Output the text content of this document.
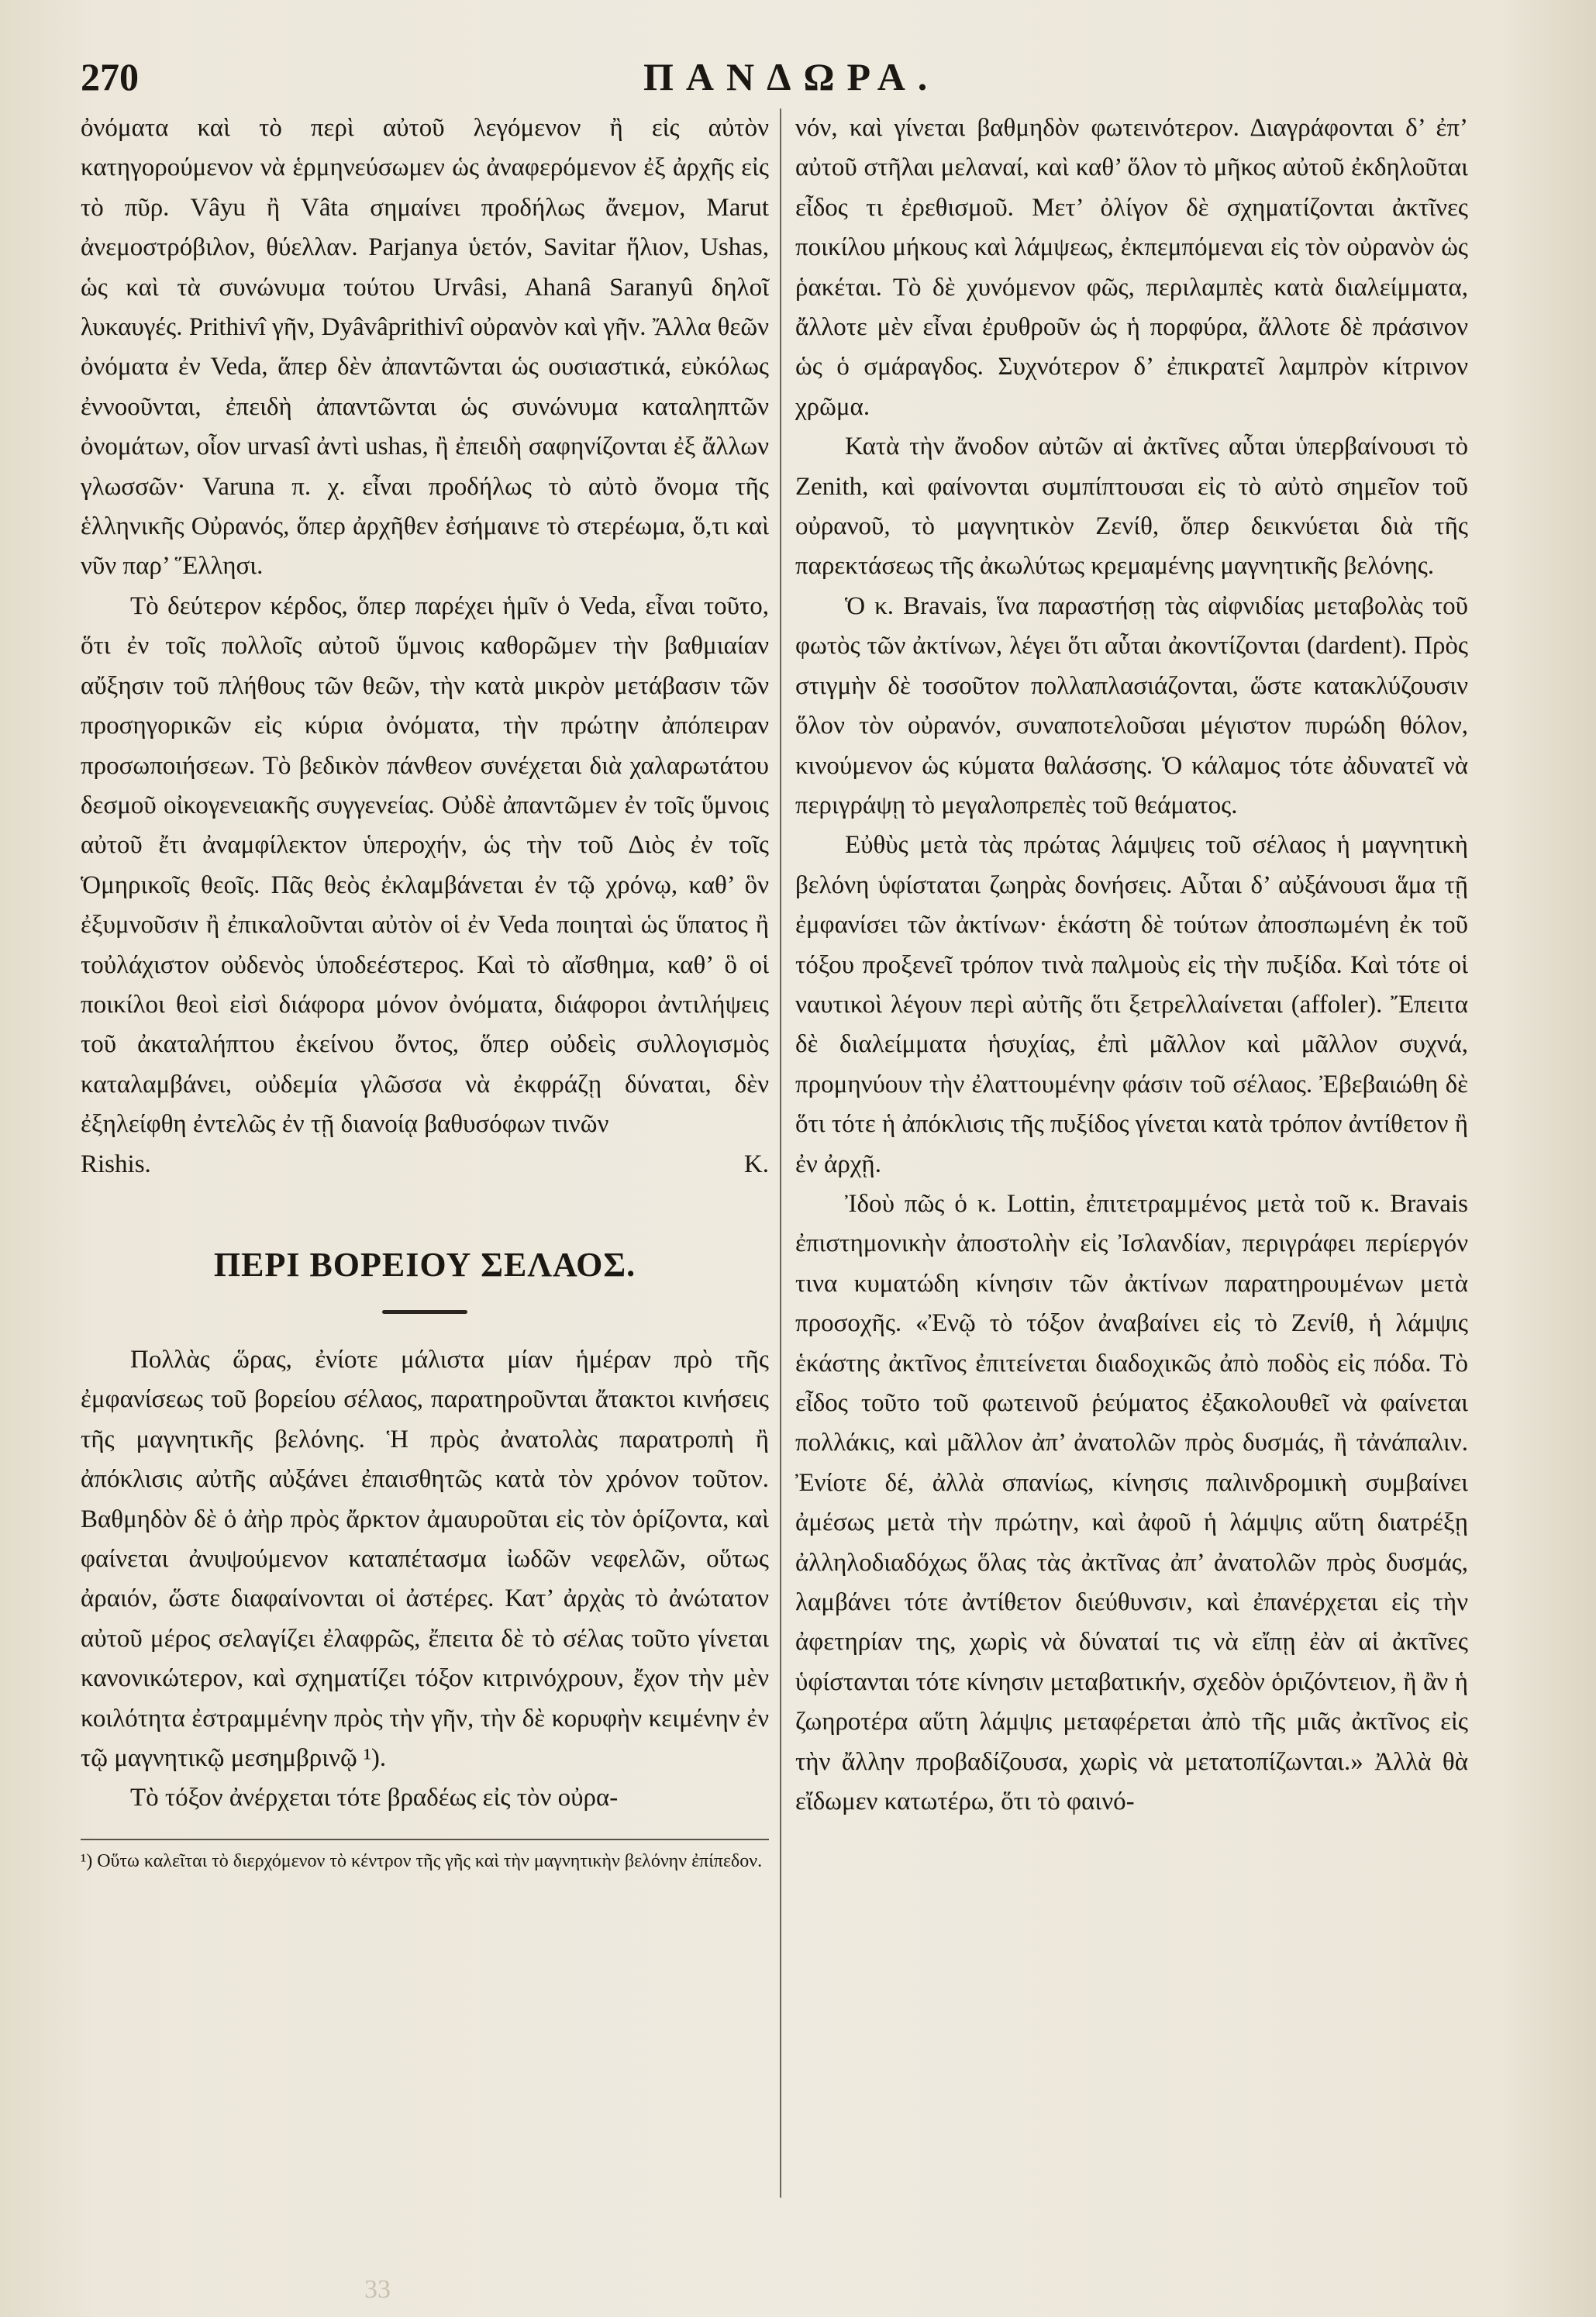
270	ΠΑΝΔΩΡΑ.

ὀνόματα καὶ τὸ περὶ αὐτοῦ λεγόμενον ἢ εἰς αὐτὸν κατηγορούμενον νὰ ἑρμηνεύσωμεν ὡς ἀναφερόμενον ἐξ ἀρχῆς εἰς τὸ πῦρ. Vâyu ἢ Vâta σημαίνει προδήλως ἄνεμον, Marut ἀνεμοστρόβιλον, θύελλαν. Parjanya ὑετόν, Savitar ἥλιον, Ushas, ὡς καὶ τὰ συνώνυμα τούτου Urvâsi, Ahanâ Saranyû δηλοῖ λυκαυγές. Prithivî γῆν, Dyâvâprithivî οὐρανὸν καὶ γῆν. Ἄλλα θεῶν ὀνόματα ἐν Veda, ἅπερ δὲν ἀπαντῶνται ὡς ουσιαστικά, εὐκόλως ἐννοοῦνται, ἐπειδὴ ἀπαντῶνται ὡς συνώνυμα καταληπτῶν ὀνομάτων, οἷον urvasî ἀντὶ ushas, ἢ ἐπειδὴ σαφηνίζονται ἐξ ἄλλων γλωσσῶν· Varuna π. χ. εἶναι προδήλως τὸ αὐτὸ ὄνομα τῆς ἑλληνικῆς Οὐρανός, ὅπερ ἀρχῆθεν ἐσήμαινε τὸ στερέωμα, ὅ,τι καὶ νῦν παρ’ Ἕλλησι.

Τὸ δεύτερον κέρδος, ὅπερ παρέχει ἡμῖν ὁ Veda, εἶναι τοῦτο, ὅτι ἐν τοῖς πολλοῖς αὐτοῦ ὕμνοις καθορῶμεν τὴν βαθμιαίαν αὔξησιν τοῦ πλήθους τῶν θεῶν, τὴν κατὰ μικρὸν μετάβασιν τῶν προσηγορικῶν εἰς κύρια ὀνόματα, τὴν πρώτην ἀπόπειραν προσωποιήσεων. Τὸ βεδικὸν πάνθεον συνέχεται διὰ χαλαρωτάτου δεσμοῦ οἰκογενειακῆς συγγενείας. Οὐδὲ ἀπαντῶμεν ἐν τοῖς ὕμνοις αὐτοῦ ἔτι ἀναμφίλεκτον ὑπεροχήν, ὡς τὴν τοῦ Διὸς ἐν τοῖς Ὁμηρικοῖς θεοῖς. Πᾶς θεὸς ἐκλαμβάνεται ἐν τῷ χρόνῳ, καθ’ ὃν ἐξυμνοῦσιν ἢ ἐπικαλοῦνται αὐτὸν οἱ ἐν Veda ποιηταὶ ὡς ὕπατος ἢ τοὐλάχιστον οὐδενὸς ὑποδεέστερος. Καὶ τὸ αἴσθημα, καθ’ ὃ οἱ ποικίλοι θεοὶ εἰσὶ διάφορα μόνον ὀνόματα, διάφοροι ἀντιλήψεις τοῦ ἀκαταλήπτου ἐκείνου ὄντος, ὅπερ οὐδεὶς συλλογισμὸς καταλαμβάνει, οὐδεμία γλῶσσα νὰ ἐκφράζῃ δύναται, δὲν ἐξηλείφθη ἐντελῶς ἐν τῇ διανοίᾳ βαθυσόφων τινῶν

Rishis.	Κ.
ΠΕΡΙ ΒΟΡΕΙΟΥ ΣΕΛΑΟΣ.

Πολλὰς ὥρας, ἐνίοτε μάλιστα μίαν ἡμέραν πρὸ τῆς ἐμφανίσεως τοῦ βορείου σέλαος, παρατηροῦνται ἄτακτοι κινήσεις τῆς μαγνητικῆς βελόνης. Ἡ πρὸς ἀνατολὰς παρατροπὴ ἢ ἀπόκλισις αὐτῆς αὐξάνει ἐπαισθητῶς κατὰ τὸν χρόνον τοῦτον. Βαθμηδὸν δὲ ὁ ἀὴρ πρὸς ἄρκτον ἀμαυροῦται εἰς τὸν ὁρίζοντα, καὶ φαίνεται ἀνυψούμενον καταπέτασμα ἰωδῶν νεφελῶν, οὕτως ἀραιόν, ὥστε διαφαίνονται οἱ ἀστέρες. Κατ’ ἀρχὰς τὸ ἀνώτατον αὐτοῦ μέρος σελαγίζει ἐλαφρῶς, ἔπειτα δὲ τὸ σέλας τοῦτο γίνεται κανονικώτερον, καὶ σχηματίζει τόξον κιτρινόχρουν, ἔχον τὴν μὲν κοιλότητα ἐστραμμένην πρὸς τὴν γῆν, τὴν δὲ κορυφὴν κειμένην ἐν τῷ μαγνητικῷ μεσημβρινῷ ¹).

Τὸ τόξον ἀνέρχεται τότε βραδέως εἰς τὸν οὐρα-

¹) Οὕτω καλεῖται τὸ διερχόμενον τὸ κέντρον τῆς γῆς καὶ τὴν μαγνητικὴν βελόνην ἐπίπεδον.

νόν, καὶ γίνεται βαθμηδὸν φωτεινότερον. Διαγράφονται δ’ ἐπ’ αὐτοῦ στῆλαι μελαναί, καὶ καθ’ ὅλον τὸ μῆκος αὐτοῦ ἐκδηλοῦται εἶδος τι ἐρεθισμοῦ. Μετ’ ὀλίγον δὲ σχηματίζονται ἀκτῖνες ποικίλου μήκους καὶ λάμψεως, ἐκπεμπόμεναι εἰς τὸν οὐρανὸν ὡς ῥακέται. Τὸ δὲ χυνόμενον φῶς, περιλαμπὲς κατὰ διαλείμματα, ἄλλοτε μὲν εἶναι ἐρυθροῦν ὡς ἡ πορφύρα, ἄλλοτε δὲ πράσινον ὡς ὁ σμάραγδος. Συχνότερον δ’ ἐπικρατεῖ λαμπρὸν κίτρινον χρῶμα.

Κατὰ τὴν ἄνοδον αὐτῶν αἱ ἀκτῖνες αὗται ὑπερβαίνουσι τὸ Zenith, καὶ φαίνονται συμπίπτουσαι εἰς τὸ αὐτὸ σημεῖον τοῦ οὐρανοῦ, τὸ μαγνητικὸν Zενίθ, ὅπερ δεικνύεται διὰ τῆς παρεκτάσεως τῆς ἀκωλύτως κρεμαμένης μαγνητικῆς βελόνης.

Ὁ κ. Bravais, ἵνα παραστήσῃ τὰς αἰφνιδίας μεταβολὰς τοῦ φωτὸς τῶν ἀκτίνων, λέγει ὅτι αὗται ἀκοντίζονται (dardent). Πρὸς στιγμὴν δὲ τοσοῦτον πολλαπλασιάζονται, ὥστε κατακλύζουσιν ὅλον τὸν οὐρανόν, συναποτελοῦσαι μέγιστον πυρώδη θόλον, κινούμενον ὡς κύματα θαλάσσης. Ὁ κάλαμος τότε ἀδυνατεῖ νὰ περιγράψῃ τὸ μεγαλοπρεπὲς τοῦ θεάματος.

Εὐθὺς μετὰ τὰς πρώτας λάμψεις τοῦ σέλαος ἡ μαγνητικὴ βελόνη ὑφίσταται ζωηρὰς δονήσεις. Αὗται δ’ αὐξάνουσι ἅμα τῇ ἐμφανίσει τῶν ἀκτίνων· ἑκάστη δὲ τούτων ἀποσπωμένη ἐκ τοῦ τόξου προξενεῖ τρόπον τινὰ παλμοὺς εἰς τὴν πυξίδα. Καὶ τότε οἱ ναυτικοὶ λέγουν περὶ αὐτῆς ὅτι ξετρελλαίνεται (affoler). Ἔπειτα δὲ διαλείμματα ἡσυχίας, ἐπὶ μᾶλλον καὶ μᾶλλον συχνά, προμηνύουν τὴν ἐλαττουμένην φάσιν τοῦ σέλαος. Ἐβεβαιώθη δὲ ὅτι τότε ἡ ἀπόκλισις τῆς πυξίδος γίνεται κατὰ τρόπον ἀντίθετον ἢ ἐν ἀρχῇ.

Ἰδοὺ πῶς ὁ κ. Lottin, ἐπιτετραμμένος μετὰ τοῦ κ. Bravais ἐπιστημονικὴν ἀποστολὴν εἰς Ἰσλανδίαν, περιγράφει περίεργόν τινα κυματώδη κίνησιν τῶν ἀκτίνων παρατηρουμένων μετὰ προσοχῆς. «Ἐνῷ τὸ τόξον ἀναβαίνει εἰς τὸ Zενίθ, ἡ λάμψις ἑκάστης ἀκτῖνος ἐπιτείνεται διαδοχικῶς ἀπὸ ποδὸς εἰς πόδα. Τὸ εἶδος τοῦτο τοῦ φωτεινοῦ ῥεύματος ἐξακολουθεῖ νὰ φαίνεται πολλάκις, καὶ μᾶλλον ἀπ’ ἀνατολῶν πρὸς δυσμάς, ἢ τἀνάπαλιν. Ἐνίοτε δέ, ἀλλὰ σπανίως, κίνησις παλινδρομικὴ συμβαίνει ἀμέσως μετὰ τὴν πρώτην, καὶ ἀφοῦ ἡ λάμψις αὕτη διατρέξῃ ἀλληλοδιαδόχως ὅλας τὰς ἀκτῖνας ἀπ’ ἀνατολῶν πρὸς δυσμάς, λαμβάνει τότε ἀντίθετον διεύθυνσιν, καὶ ἐπανέρχεται εἰς τὴν ἀφετηρίαν της, χωρὶς νὰ δύναταί τις νὰ εἴπῃ ἐὰν αἱ ἀκτῖνες ὑφίστανται τότε κίνησιν μεταβατικήν, σχεδὸν ὁριζόντειον, ἢ ἂν ἡ ζωηροτέρα αὕτη λάμψις μεταφέρεται ἀπὸ τῆς μιᾶς ἀκτῖνος εἰς τὴν ἄλλην προβαδίζουσα, χωρὶς νὰ μετατοπίζωνται.» Ἀλλὰ θὰ εἴδωμεν κατωτέρω, ὅτι τὸ φαινό-

33
